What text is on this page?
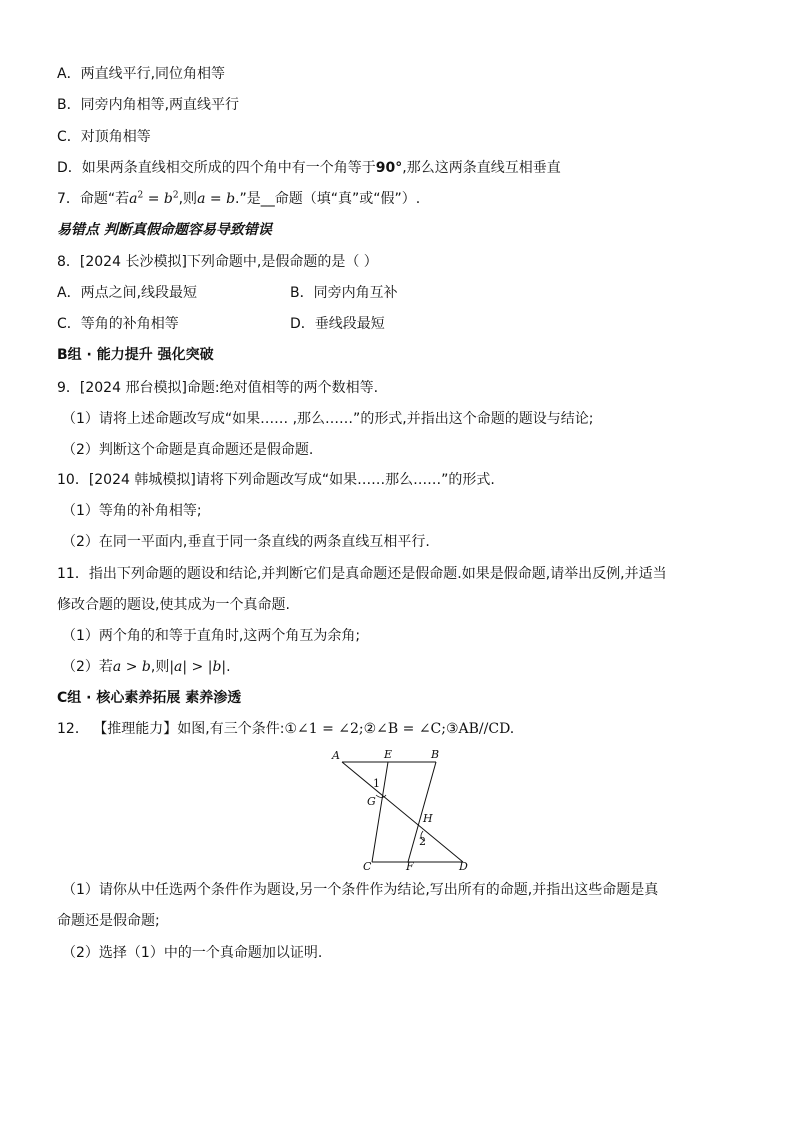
A．两直线平行,同位角相等
B．同旁内角相等,两直线平行
C．对顶角相等
D．如果两条直线相交所成的四个角中有一个角等于90°,那么这两条直线互相垂直
7．命题“若$a^2 = b^2$,则a = b.”是__命题（填“真”或“假”）.
易错点 判断真假命题容易导致错误
8．[2024 长沙模拟]下列命题中,是假命题的是（ ）
A．两点之间,线段最短	B．同旁内角互补
C．等角的补角相等	D．垂线段最短
B组 · 能力提升 强化突破
9．[2024 邢台模拟]命题:绝对值相等的两个数相等.
（1）请将上述命题改写成“如果…… ,那么……”的形式,并指出这个命题的题设与结论;
（2）判断这个命题是真命题还是假命题.
10．[2024 韩城模拟]请将下列命题改写成“如果……那么……”的形式.
（1）等角的补角相等;
（2）在同一平面内,垂直于同一条直线的两条直线互相平行.
11．指出下列命题的题设和结论,并判断它们是真命题还是假命题.如果是假命题,请举出反例,并适当
修改合题的题设,使其成为一个真命题.
（1）两个角的和等于直角时,这两个角互为余角;
（2）若a > b,则|a| > |b|.
C组 · 核心素养拓展 素养渗透
12． 【推理能力】如图,有三个条件:①∠1 = ∠2;②∠B = ∠C;③AB//CD.
A	E	B
G
H
C	F	D
1
2
（1）请你从中任选两个条件作为题设,另一个条件作为结论,写出所有的命题,并指出这些命题是真
命题还是假命题;
（2）选择（1）中的一个真命题加以证明.
